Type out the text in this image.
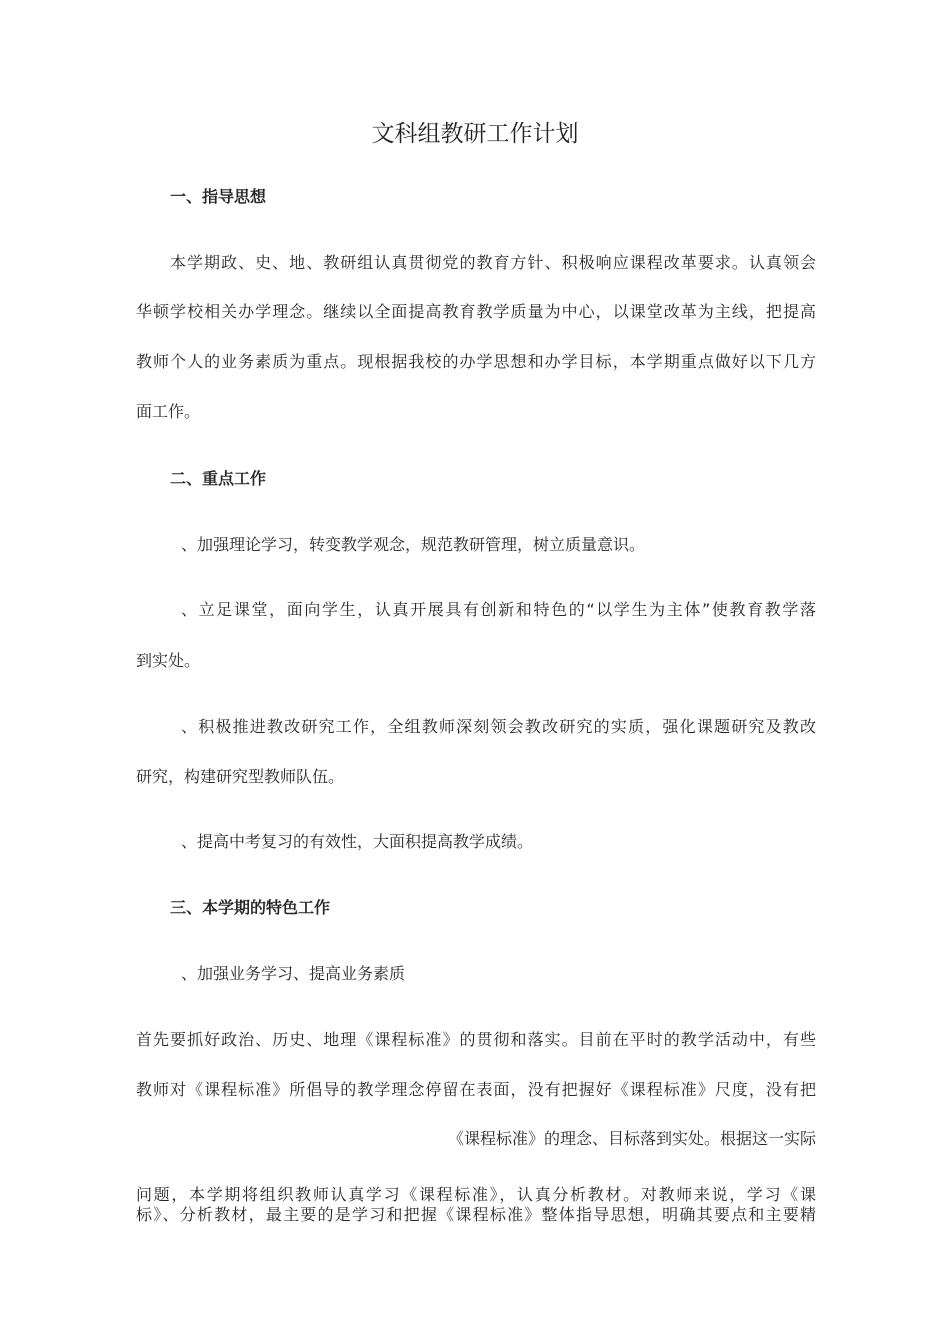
文科组教研工作计划
一、指导思想
本学期政、史、地、教研组认真贯彻党的教育方针、积极响应课程改革要求。认真领会
华顿学校相关办学理念。继续以全面提高教育教学质量为中心，以课堂改革为主线，把提高
教师个人的业务素质为重点。现根据我校的办学思想和办学目标，本学期重点做好以下几方
面工作。
二、重点工作
、加强理论学习，转变教学观念，规范教研管理，树立质量意识。
、立足课堂，面向学生，认真开展具有创新和特色的“以学生为主体”使教育教学落
到实处。
、积极推进教改研究工作，全组教师深刻领会教改研究的实质，强化课题研究及教改
研究，构建研究型教师队伍。
、提高中考复习的有效性，大面积提高教学成绩。
三、本学期的特色工作
、加强业务学习、提高业务素质
首先要抓好政治、历史、地理《课程标准》的贯彻和落实。目前在平时的教学活动中，有些
教师对《课程标准》所倡导的教学理念停留在表面，没有把握好《课程标准》尺度，没有把
《课程标准》的理念、目标落到实处。根据这一实际
问题，本学期将组织教师认真学习《课程标准》，认真分析教材。对教师来说，学习《课
标》、分析教材，最主要的是学习和把握《课程标准》整体指导思想，明确其要点和主要精
